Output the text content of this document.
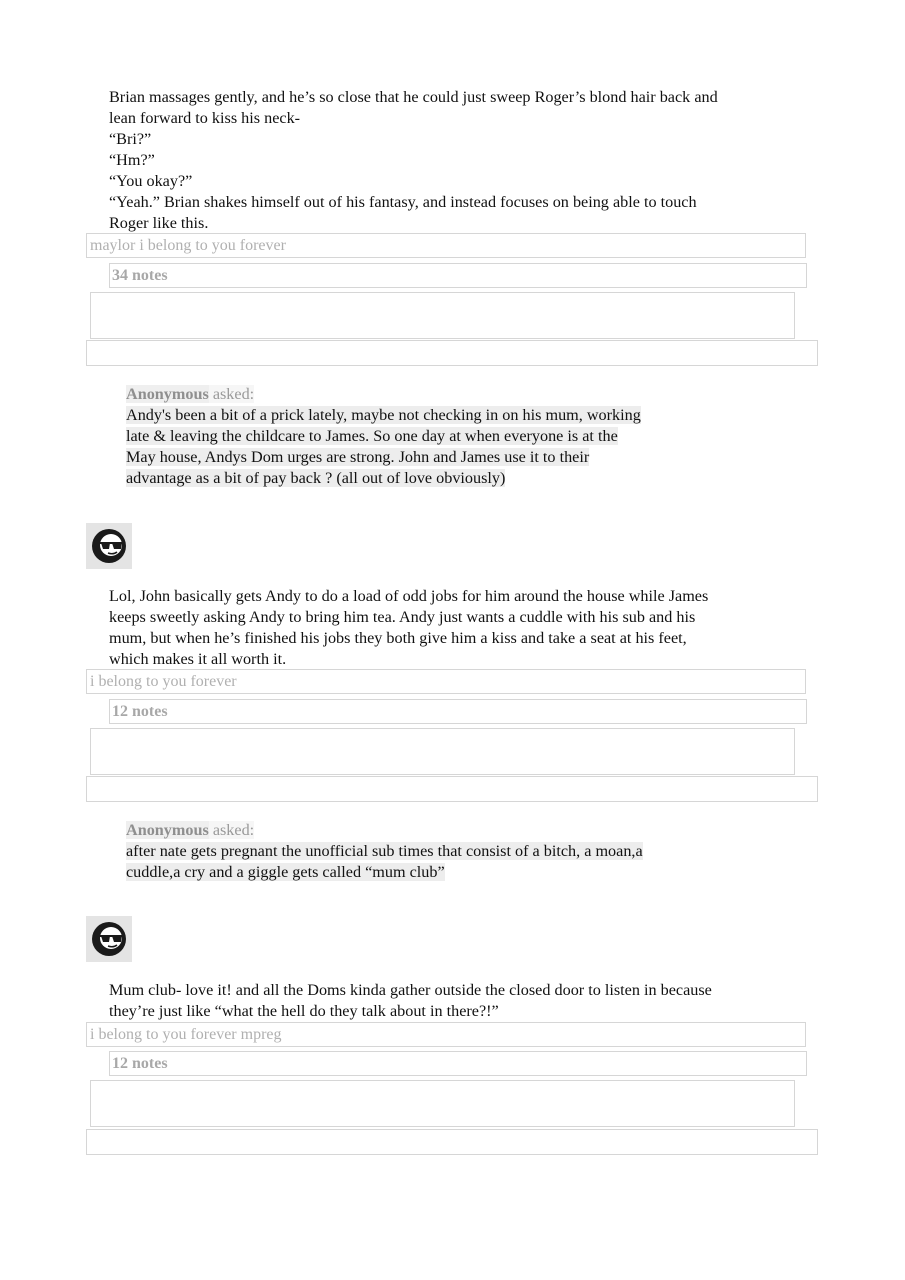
Brian massages gently, and he’s so close that he could just sweep Roger’s blond hair back and
lean forward to kiss his neck-
“Bri?”
“Hm?”
“You okay?”
“Yeah.” Brian shakes himself out of his fantasy, and instead focuses on being able to touch
Roger like this.
maylor i belong to you forever
34 notes
Anonymous asked:
Andy's been a bit of a prick lately, maybe not checking in on his mum, working
late & leaving the childcare to James. So one day at when everyone is at the
May house, Andys Dom urges are strong. John and James use it to their
advantage as a bit of pay back ? (all out of love obviously)
Lol, John basically gets Andy to do a load of odd jobs for him around the house while James
keeps sweetly asking Andy to bring him tea. Andy just wants a cuddle with his sub and his
mum, but when he’s finished his jobs they both give him a kiss and take a seat at his feet,
which makes it all worth it.
i belong to you forever
12 notes
Anonymous asked:
after nate gets pregnant the unofficial sub times that consist of a bitch, a moan,a
cuddle,a cry and a giggle gets called “mum club”
Mum club- love it! and all the Doms kinda gather outside the closed door to listen in because
they’re just like “what the hell do they talk about in there?!”
i belong to you forever mpreg
12 notes
